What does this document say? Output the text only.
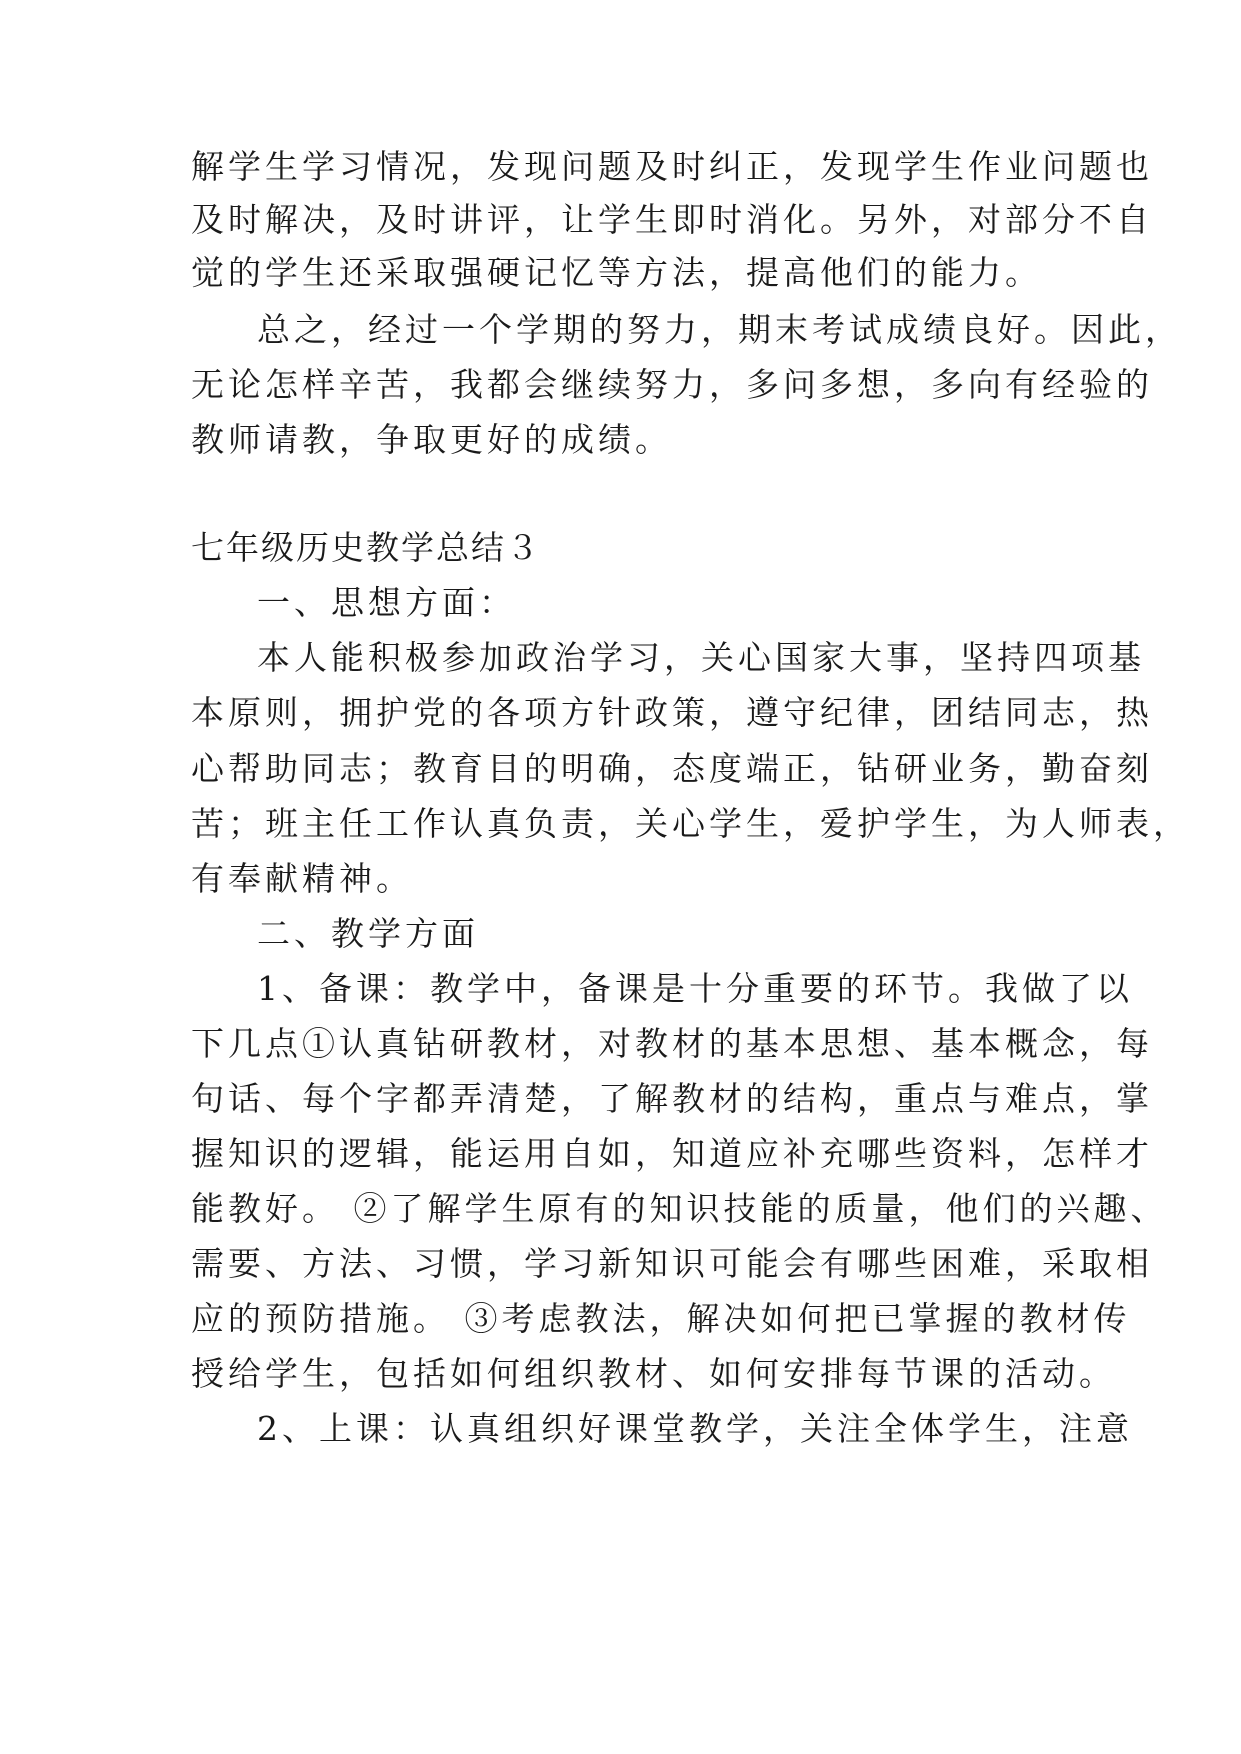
解学生学习情况，发现问题及时纠正，发现学生作业问题也
及时解决，及时讲评，让学生即时消化。另外，对部分不自
觉的学生还采取强硬记忆等方法，提高他们的能力。
总之，经过一个学期的努力，期末考试成绩良好。因此，
无论怎样辛苦，我都会继续努力，多问多想，多向有经验的
教师请教，争取更好的成绩。
七年级历史教学总结３
一、思想方面：
本人能积极参加政治学习，关心国家大事，坚持四项基
本原则，拥护党的各项方针政策，遵守纪律，团结同志，热
心帮助同志；教育目的明确，态度端正，钻研业务，勤奋刻
苦；班主任工作认真负责，关心学生，爱护学生，为人师表，
有奉献精神。
二、教学方面
1、备课：教学中，备课是十分重要的环节。我做了以
下几点①认真钻研教材，对教材的基本思想、基本概念，每
句话、每个字都弄清楚，了解教材的结构，重点与难点，掌
握知识的逻辑，能运用自如，知道应补充哪些资料，怎样才
能教好。 ②了解学生原有的知识技能的质量，他们的兴趣、
需要、方法、习惯，学习新知识可能会有哪些困难，采取相
应的预防措施。 ③考虑教法，解决如何把已掌握的教材传
授给学生，包括如何组织教材、如何安排每节课的活动。
2、上课：认真组织好课堂教学，关注全体学生，注意
